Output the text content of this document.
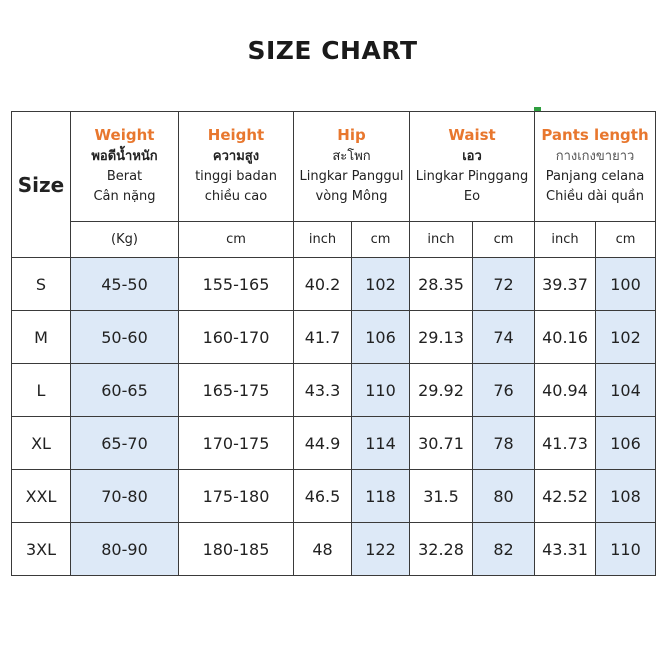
SIZE CHART
Size	Weight
พอดีน้ำหนัก
Berat
Cân nặng	Height
ความสูง
tinggi badan
chiều cao	Hip
สะโพก
Lingkar Panggul
vòng Mông		Waist
เอว
Lingkar Pinggang
Eo		Pants length
กางเกงขายาว
Panjang celana
Chiều dài quần	

	(Kg)	cm	inch	cm	inch	cm	inch	cm
S	45-50	155-165	40.2	102	28.35	72	39.37	100
M	50-60	160-170	41.7	106	29.13	74	40.16	102
L	60-65	165-175	43.3	110	29.92	76	40.94	104
XL	65-70	170-175	44.9	114	30.71	78	41.73	106
XXL	70-80	175-180	46.5	118	31.5	80	42.52	108
3XL	80-90	180-185	48	122	32.28	82	43.31	110
